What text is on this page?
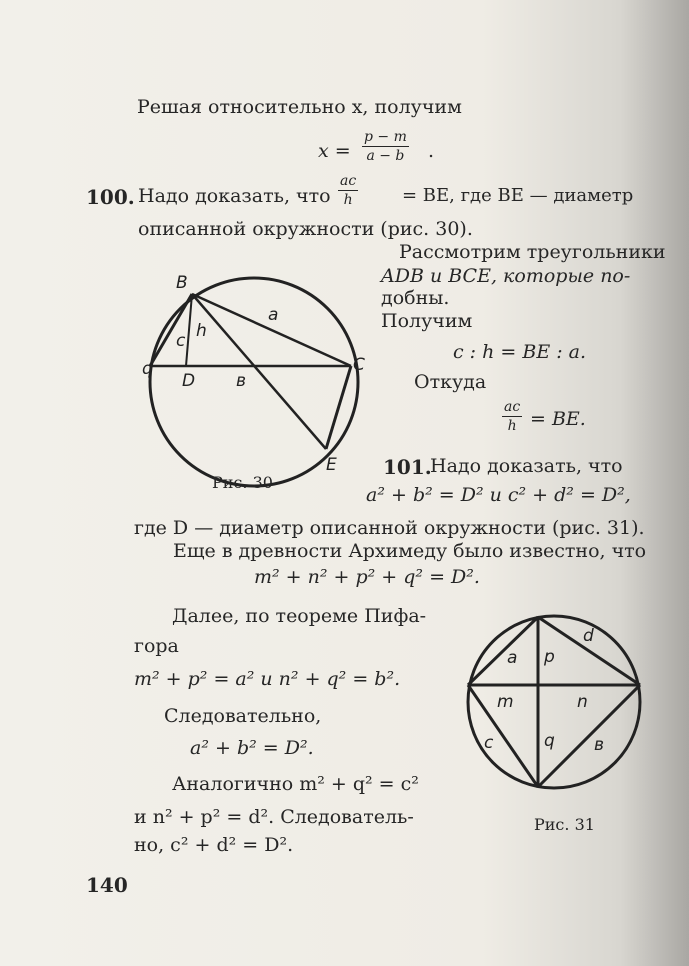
Решая относительно x, получим
x =
p − m
a − b .
100. Надо доказать, что
ac
h	= BE, где BE — диаметр
описанной окружности (рис. 30).
B
a
c h
q
D в
C
E
Рассмотрим треугольники
ADB и BCE, которые по-
добны.
Получим
c : h = BE : a.
Откуда
ac
h = BE.
Рис. 30
101.
Надо доказать, что
a² + b² = D² и c² + d² = D²,
где D — диаметр описанной окружности (рис. 31).
Еще в древности Архимеду было известно, что
m² + n² + p² + q² = D².
Далее, по теореме Пифа-
гора
m² + p² = a² и n² + q² = b².
Следовательно,
a² + b² = D².
Аналогично m² + q² = c²
и n² + p² = d². Следователь-
но, c² + d² = D².
d
a p
m	n
c	q в
Рис. 31
140
